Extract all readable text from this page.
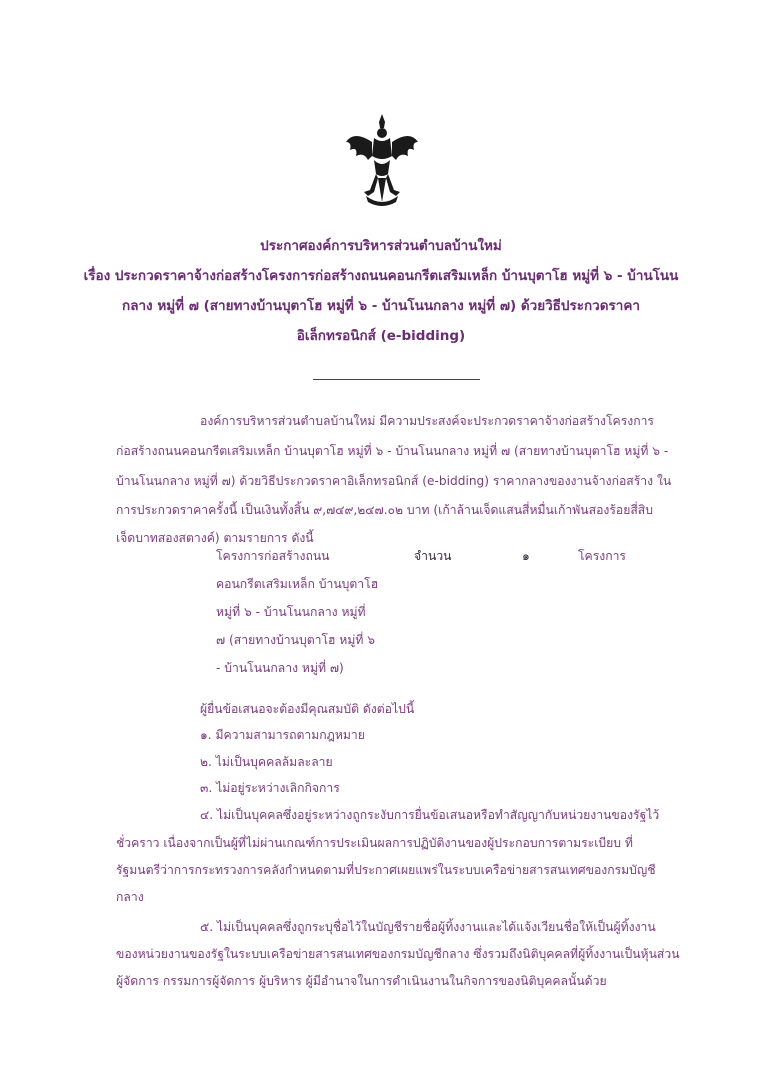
ประกาศองค์การบริหารส่วนตำบลบ้านใหม่
เรื่อง ประกวดราคาจ้างก่อสร้างโครงการก่อสร้างถนนคอนกรีตเสริมเหล็ก บ้านบุตาโฮ หมู่ที่ ๖ - บ้านโนน
กลาง หมู่ที่ ๗ (สายทางบ้านบุตาโฮ หมู่ที่ ๖ - บ้านโนนกลาง หมู่ที่ ๗) ด้วยวิธีประกวดราคา
อิเล็กทรอนิกส์ (e-bidding)
องค์การบริหารส่วนตำบลบ้านใหม่ มีความประสงค์จะประกวดราคาจ้างก่อสร้างโครงการ
ก่อสร้างถนนคอนกรีตเสริมเหล็ก บ้านบุตาโฮ หมู่ที่ ๖ - บ้านโนนกลาง หมู่ที่ ๗ (สายทางบ้านบุตาโฮ หมู่ที่ ๖ -
บ้านโนนกลาง หมู่ที่ ๗) ด้วยวิธีประกวดราคาอิเล็กทรอนิกส์ (e-bidding) ราคากลางของงานจ้างก่อสร้าง ใน
การประกวดราคาครั้งนี้ เป็นเงินทั้งสิ้น ๙,๗๔๙,๒๔๗.๐๒ บาท (เก้าล้านเจ็ดแสนสี่หมื่นเก้าพันสองร้อยสี่สิบ
เจ็ดบาทสองสตางค์) ตามรายการ ดังนี้
โครงการก่อสร้างถนน
คอนกรีตเสริมเหล็ก บ้านบุตาโฮ
หมู่ที่ ๖ - บ้านโนนกลาง หมู่ที่
๗ (สายทางบ้านบุตาโฮ หมู่ที่ ๖
- บ้านโนนกลาง หมู่ที่ ๗)
จำนวน	๑	โครงการ
ผู้ยื่นข้อเสนอจะต้องมีคุณสมบัติ ดังต่อไปนี้
๑. มีความสามารถตามกฎหมาย
๒. ไม่เป็นบุคคลล้มละลาย
๓. ไม่อยู่ระหว่างเลิกกิจการ
๔. ไม่เป็นบุคคลซึ่งอยู่ระหว่างถูกระงับการยื่นข้อเสนอหรือทำสัญญากับหน่วยงานของรัฐไว้
ชั่วคราว เนื่องจากเป็นผู้ที่ไม่ผ่านเกณฑ์การประเมินผลการปฏิบัติงานของผู้ประกอบการตามระเบียบ ที่
รัฐมนตรีว่าการกระทรวงการคลังกำหนดตามที่ประกาศเผยแพร่ในระบบเครือข่ายสารสนเทศของกรมบัญชี
กลาง
๕. ไม่เป็นบุคคลซึ่งถูกระบุชื่อไว้ในบัญชีรายชื่อผู้ทิ้งงานและได้แจ้งเวียนชื่อให้เป็นผู้ทิ้งงาน
ของหน่วยงานของรัฐในระบบเครือข่ายสารสนเทศของกรมบัญชีกลาง ซึ่งรวมถึงนิติบุคคลที่ผู้ทิ้งงานเป็นหุ้นส่วน
ผู้จัดการ กรรมการผู้จัดการ ผู้บริหาร ผู้มีอำนาจในการดำเนินงานในกิจการของนิติบุคคลนั้นด้วย
